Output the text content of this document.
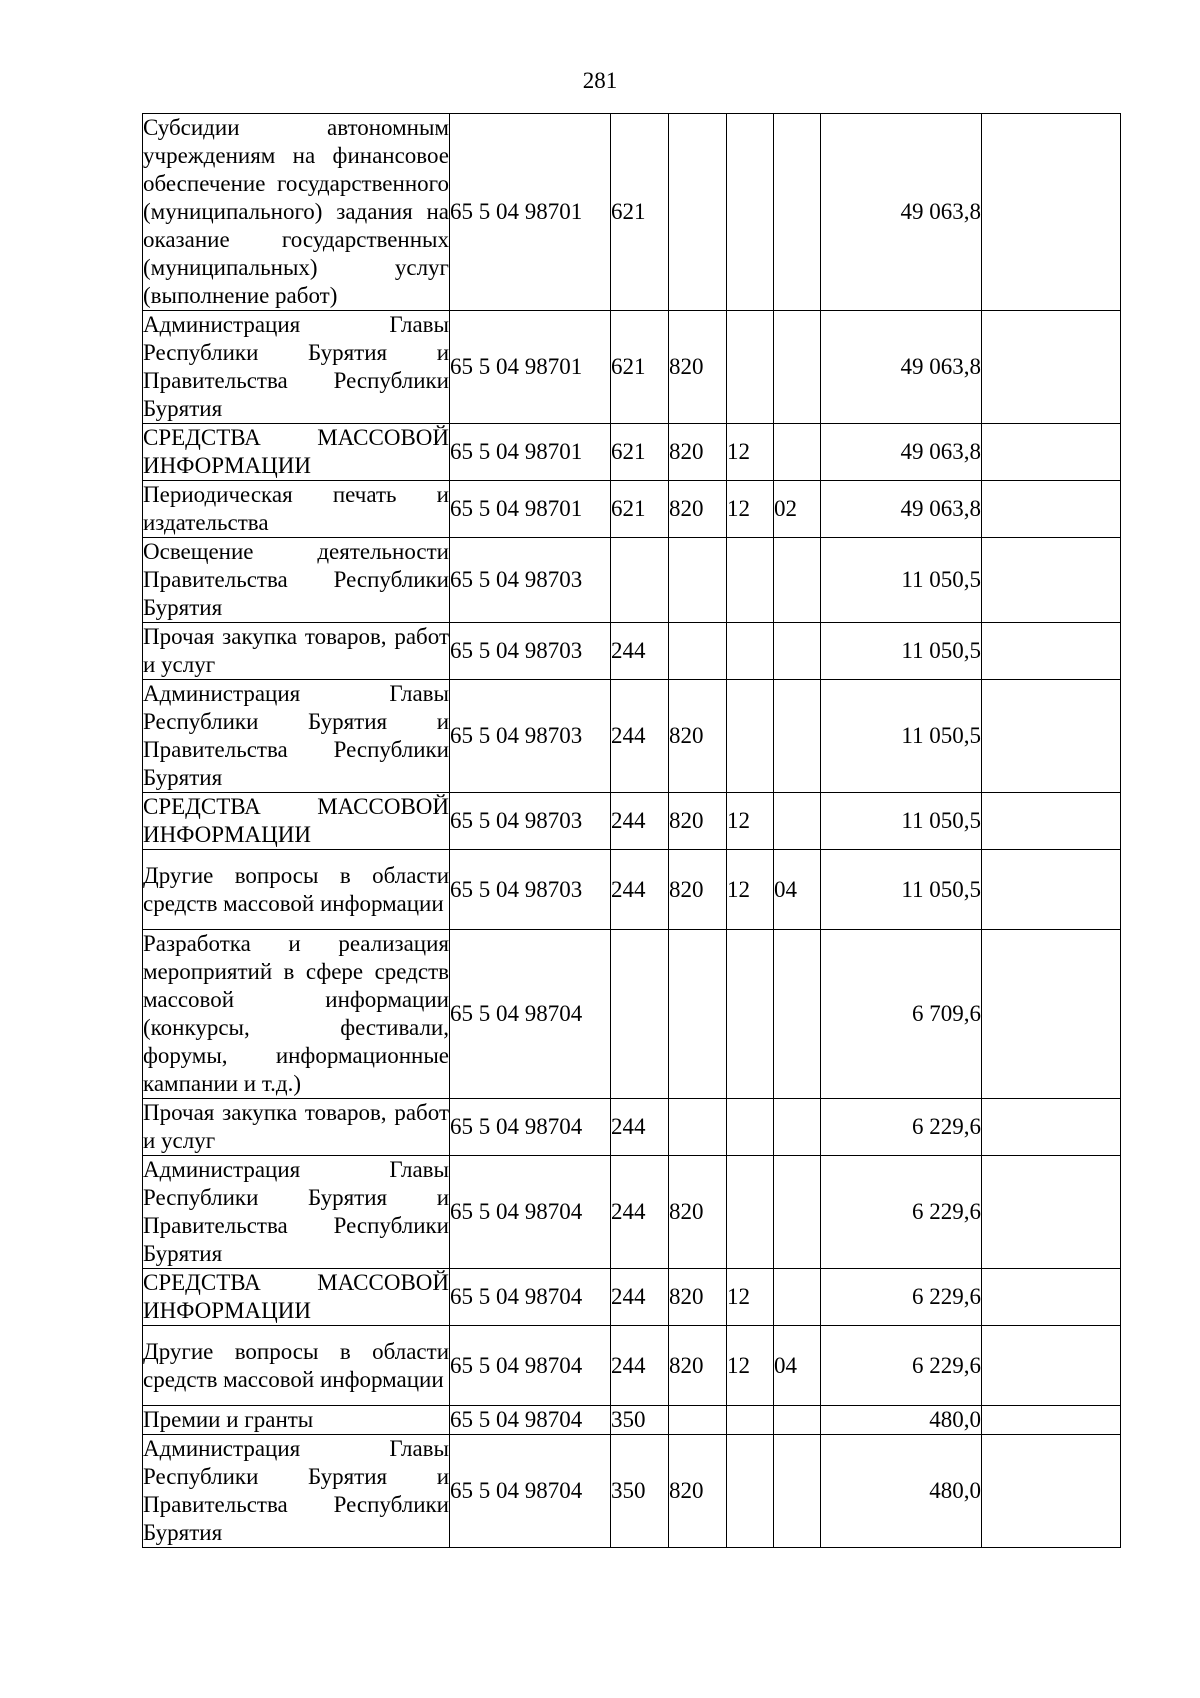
281
Субсидии автономным учреждениям на финансовое обеспечение государственного (муниципального) задания на оказание государственных (муниципальных) услуг (выполнение работ)	65 5 04 98701	621				49 063,8	
Администрация Главы Республики Бурятия и Правительства Республики Бурятия	65 5 04 98701	621	820			49 063,8	
СРЕДСТВА МАССОВОЙ ИНФОРМАЦИИ	65 5 04 98701	621	820	12		49 063,8	
Периодическая печать и издательства	65 5 04 98701	621	820	12	02	49 063,8	
Освещение деятельности Правительства Республики Бурятия	65 5 04 98703					11 050,5	
Прочая закупка товаров, работ и услуг	65 5 04 98703	244				11 050,5	
Администрация Главы Республики Бурятия и Правительства Республики Бурятия	65 5 04 98703	244	820			11 050,5	
СРЕДСТВА МАССОВОЙ ИНФОРМАЦИИ	65 5 04 98703	244	820	12		11 050,5	
Другие вопросы в области средств массовой информации	65 5 04 98703	244	820	12	04	11 050,5	
Разработка и реализация мероприятий в сфере средств массовой информации (конкурсы, фестивали, форумы, информационные кампании и т.д.)	65 5 04 98704					6 709,6	
Прочая закупка товаров, работ и услуг	65 5 04 98704	244				6 229,6	
Администрация Главы Республики Бурятия и Правительства Республики Бурятия	65 5 04 98704	244	820			6 229,6	
СРЕДСТВА МАССОВОЙ ИНФОРМАЦИИ	65 5 04 98704	244	820	12		6 229,6	
Другие вопросы в области средств массовой информации	65 5 04 98704	244	820	12	04	6 229,6	
Премии и гранты	65 5 04 98704	350				480,0	
Администрация Главы Республики Бурятия и Правительства Республики Бурятия	65 5 04 98704	350	820			480,0	
